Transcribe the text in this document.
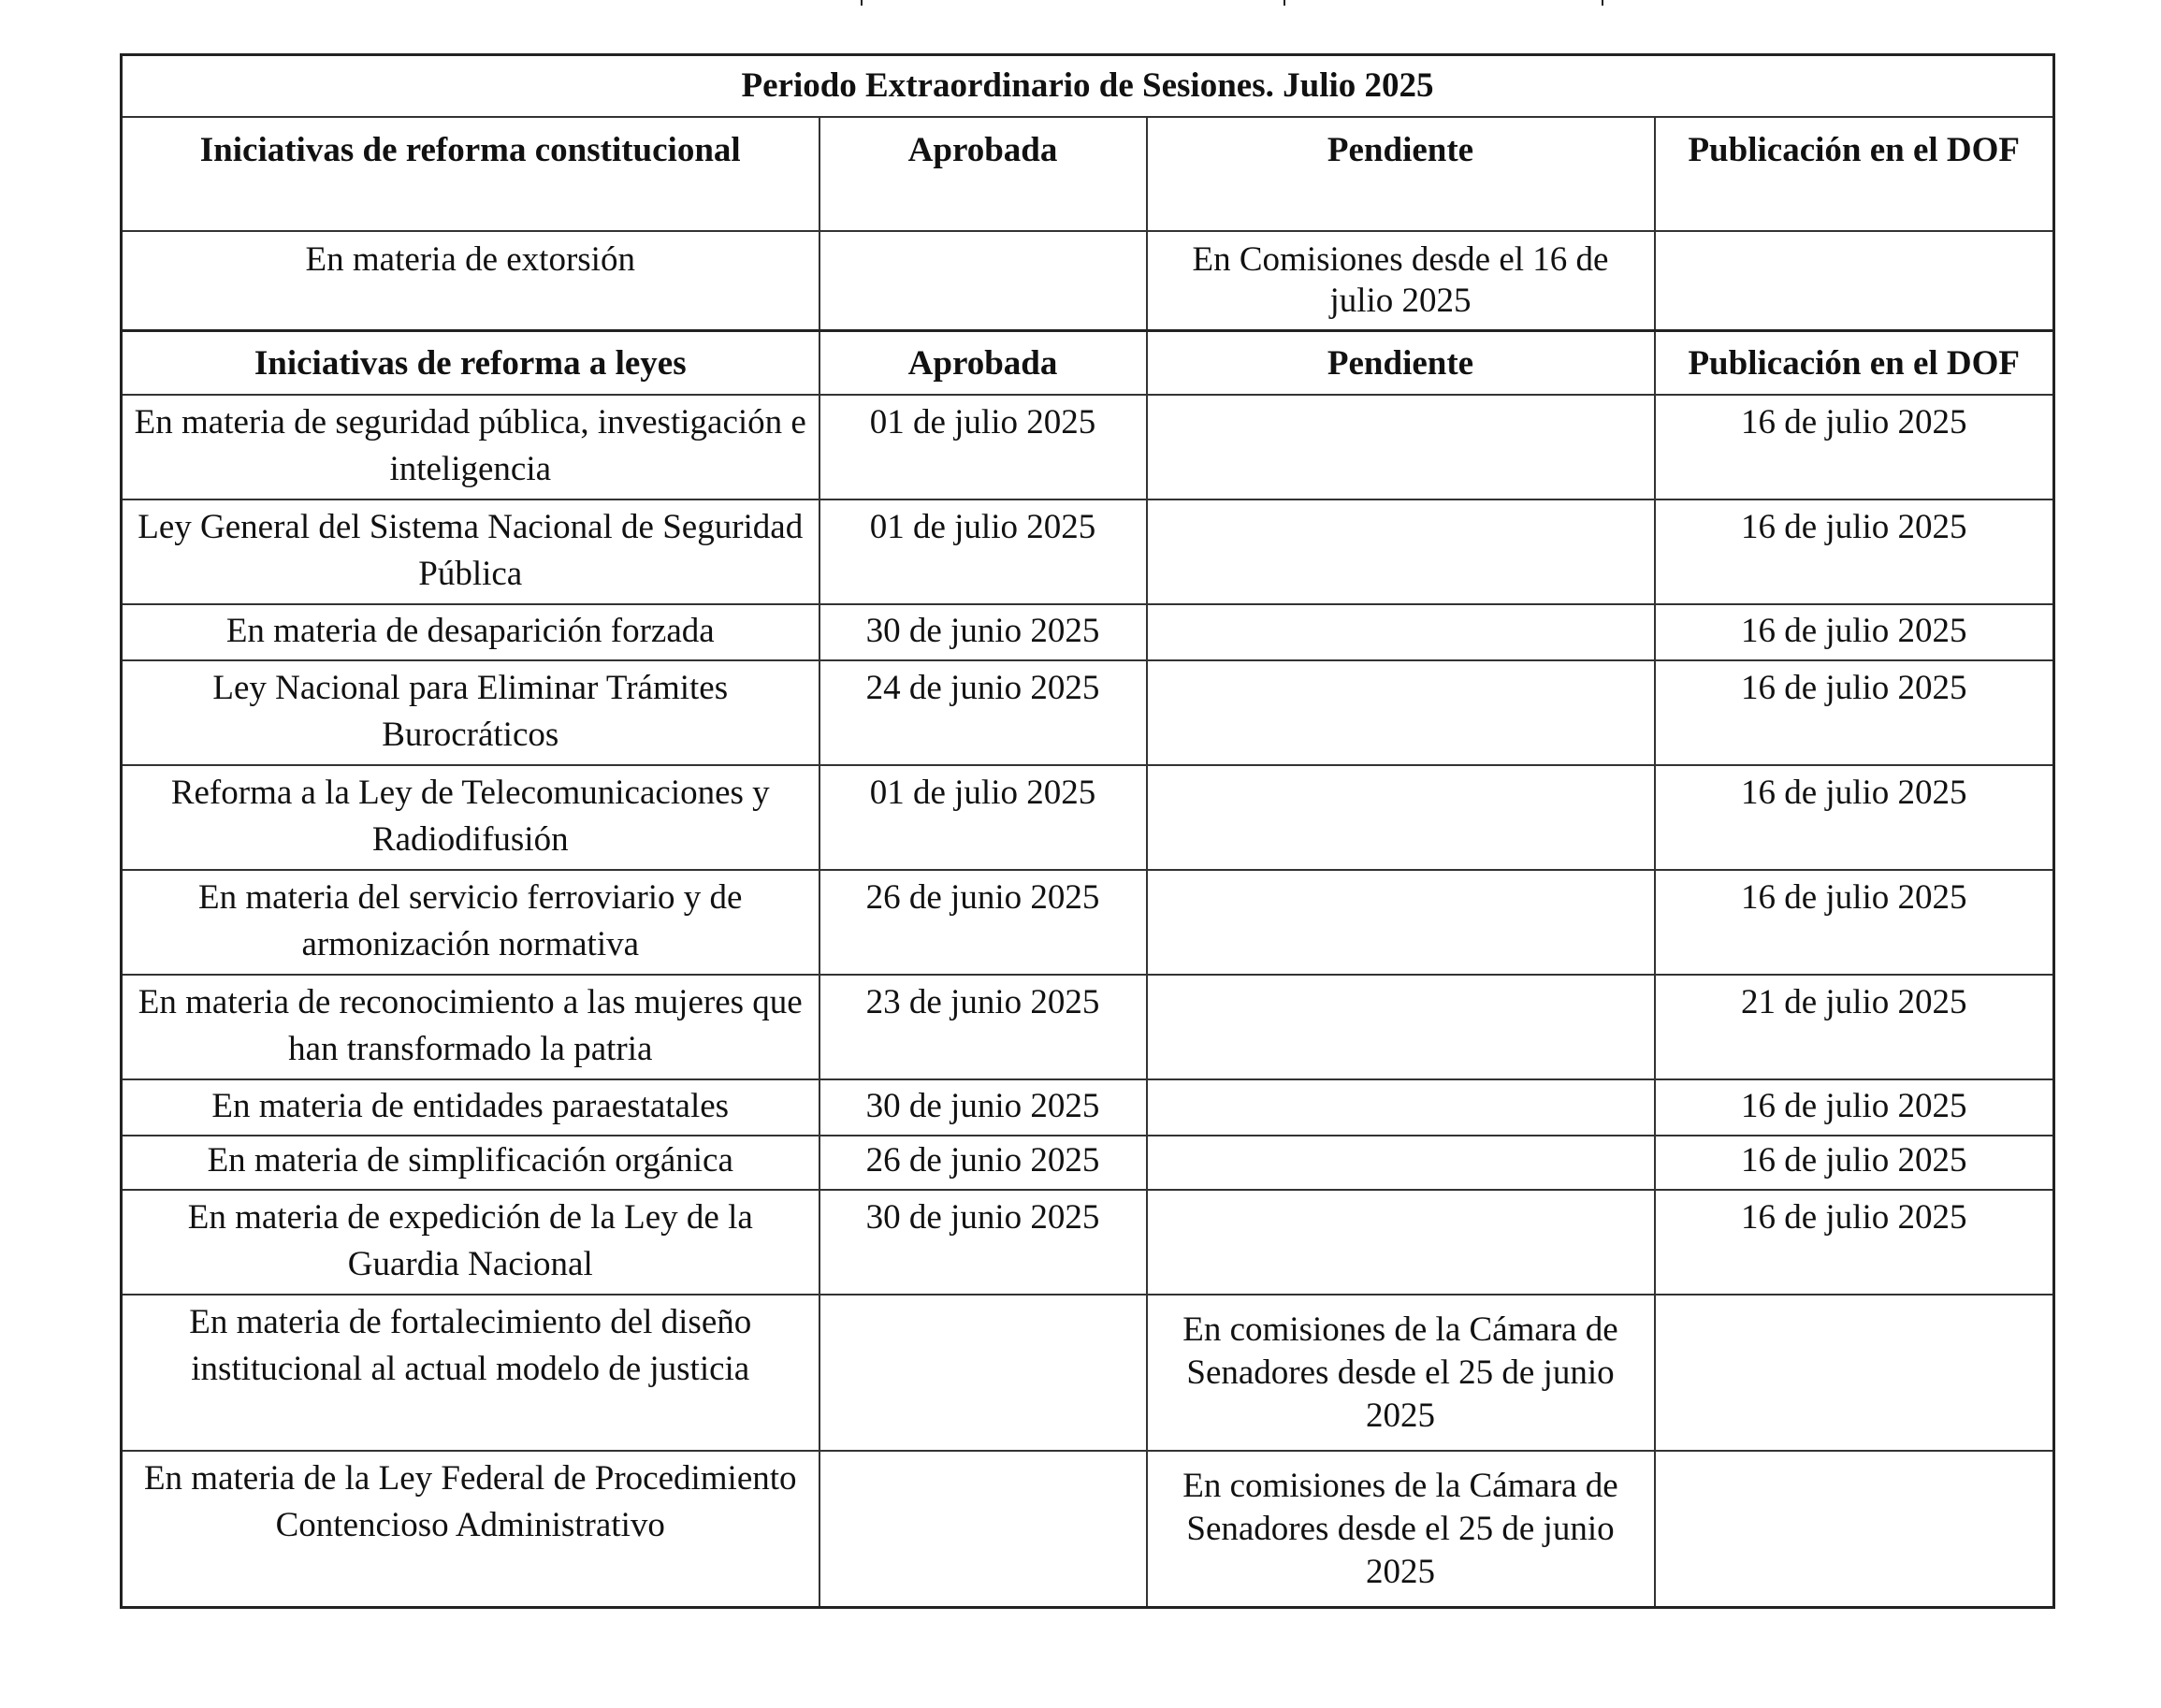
Periodo Extraordinario de Sesiones. Julio 2025			
Iniciativas de reforma constitucional	Aprobada	Pendiente	Publicación en el DOF
En materia de extorsión		En Comisiones desde el 16 de julio 2025	
Iniciativas de reforma a leyes	Aprobada	Pendiente	Publicación en el DOF
En materia de seguridad pública, investigación e inteligencia	01 de julio 2025		16 de julio 2025
Ley General del Sistema Nacional de Seguridad Pública	01 de julio 2025		16 de julio 2025
En materia de desaparición forzada	30 de junio 2025		16 de julio 2025
Ley Nacional para Eliminar Trámites Burocráticos	24 de junio 2025		16 de julio 2025
Reforma a la Ley de Telecomunicaciones y Radiodifusión	01 de julio 2025		16 de julio 2025
En materia del servicio ferroviario y de armonización normativa	26 de junio 2025		16 de julio 2025
En materia de reconocimiento a las mujeres que han transformado la patria	23 de junio 2025		21 de julio 2025
En materia de entidades paraestatales	30 de junio 2025		16 de julio 2025
En materia de simplificación orgánica	26 de junio 2025		16 de julio 2025
En materia de expedición de la Ley de la Guardia Nacional	30 de junio 2025		16 de julio 2025
En materia de fortalecimiento del diseño institucional al actual modelo de justicia		En comisiones de la Cámara de Senadores desde el 25 de junio 2025	
En materia de la Ley Federal de Procedimiento Contencioso Administrativo		En comisiones de la Cámara de Senadores desde el 25 de junio 2025	
